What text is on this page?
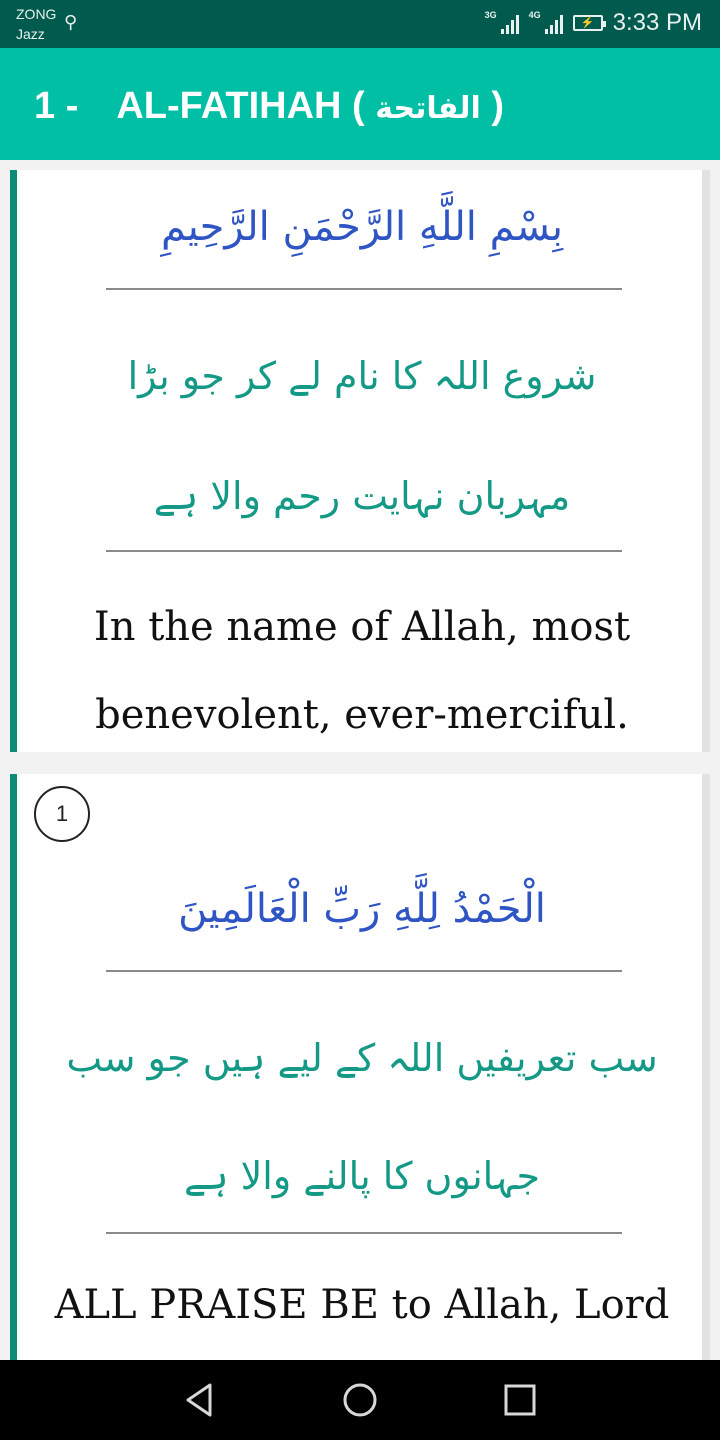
ZONG
Jazz
⚲	3G	4G
⚡ 3:33 PM
1 - AL-FATIHAH ( الفاتحة )
بِسْمِ اللَّهِ الرَّحْمَنِ الرَّحِيمِ
شروع اللہ کا نام لے کر جو بڑا
مہربان نہایت رحم والا ہے
In the name of Allah, most
benevolent, ever-merciful.
1
الْحَمْدُ لِلَّهِ رَبِّ الْعَالَمِينَ
سب تعریفیں اللہ کے لیے ہیں جو سب
جہانوں کا پالنے والا ہے
ALL PRAISE BE to Allah, Lord
